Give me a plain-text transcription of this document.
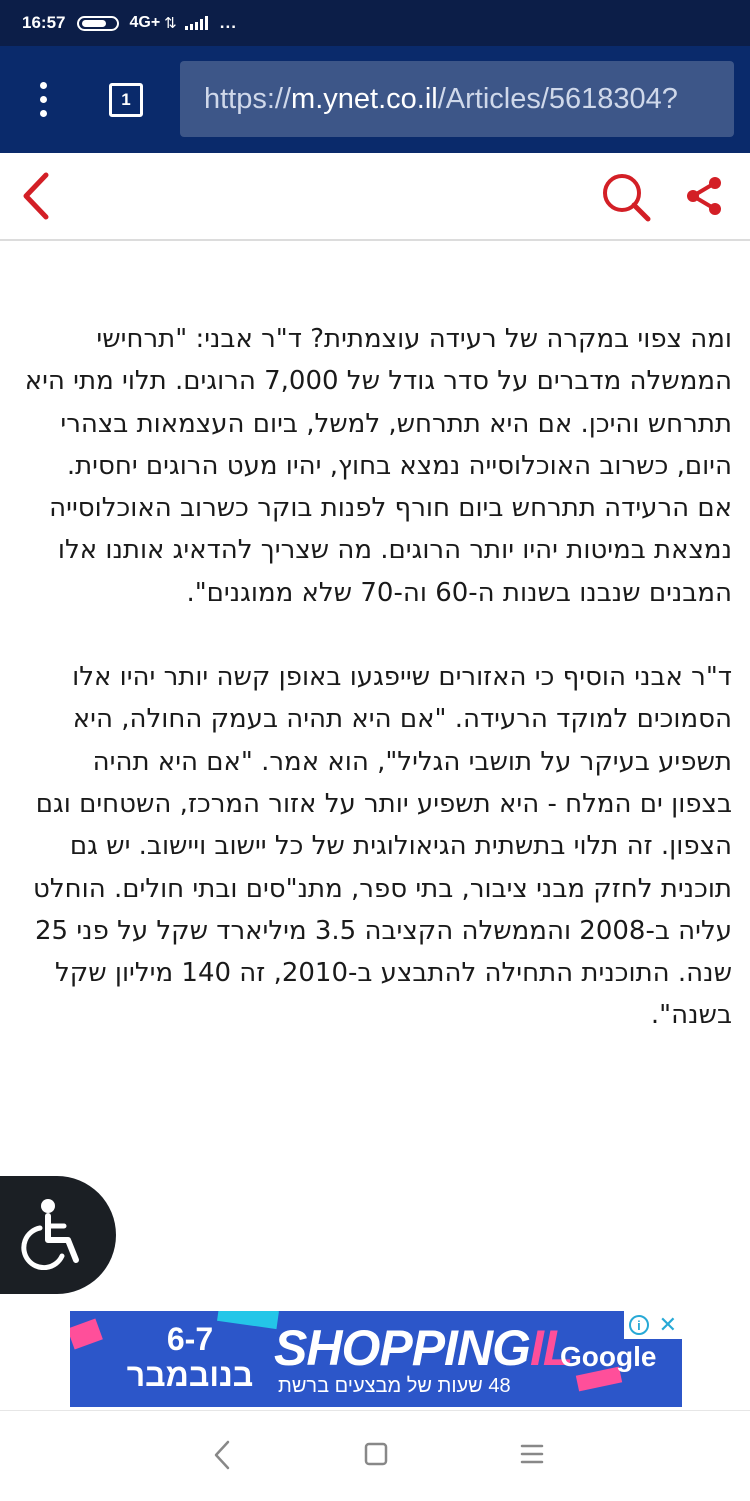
16:57	4G+ ⇅	...
1	https://m.ynet.co.il/Articles/5618304?

ומה צפוי במקרה של רעידה עוצמתית? ד"ר אבני: "תרחישי הממשלה מדברים על סדר גודל של 7,000 הרוגים. תלוי מתי היא תתרחש והיכן. אם היא תתרחש, למשל, ביום העצמאות בצהרי היום, כשרוב האוכלוסייה נמצא בחוץ, יהיו מעט הרוגים יחסית. אם הרעידה תתרחש ביום חורף לפנות בוקר כשרוב האוכלוסייה נמצאת במיטות יהיו יותר הרוגים. מה שצריך להדאיג אותנו אלו המבנים שנבנו בשנות ה-60 וה-70 שלא ממוגנים".

ד"ר אבני הוסיף כי האזורים שייפגעו באופן קשה יותר יהיו אלו הסמוכים למוקד הרעידה. "אם היא תהיה בעמק החולה, היא תשפיע בעיקר על תושבי הגליל", הוא אמר. "אם היא תהיה בצפון ים המלח - היא תשפיע יותר על אזור המרכז, השטחים וגם הצפון. זה תלוי בתשתית הגיאולוגית של כל יישוב ויישוב. יש גם תוכנית לחזק מבני ציבור, בתי ספר, מתנ"סים ובתי חולים. הוחלט עליה ב-2008 והממשלה הקציבה 3.5 מיליארד שקל על פני 25 שנה. התוכנית התחילה להתבצע ב-2010, זה 140 מיליון שקל בשנה".

6-7
בנובמבר SHOPPINGIL
48 שעות של מבצעים ברשת
Google
i ✕
